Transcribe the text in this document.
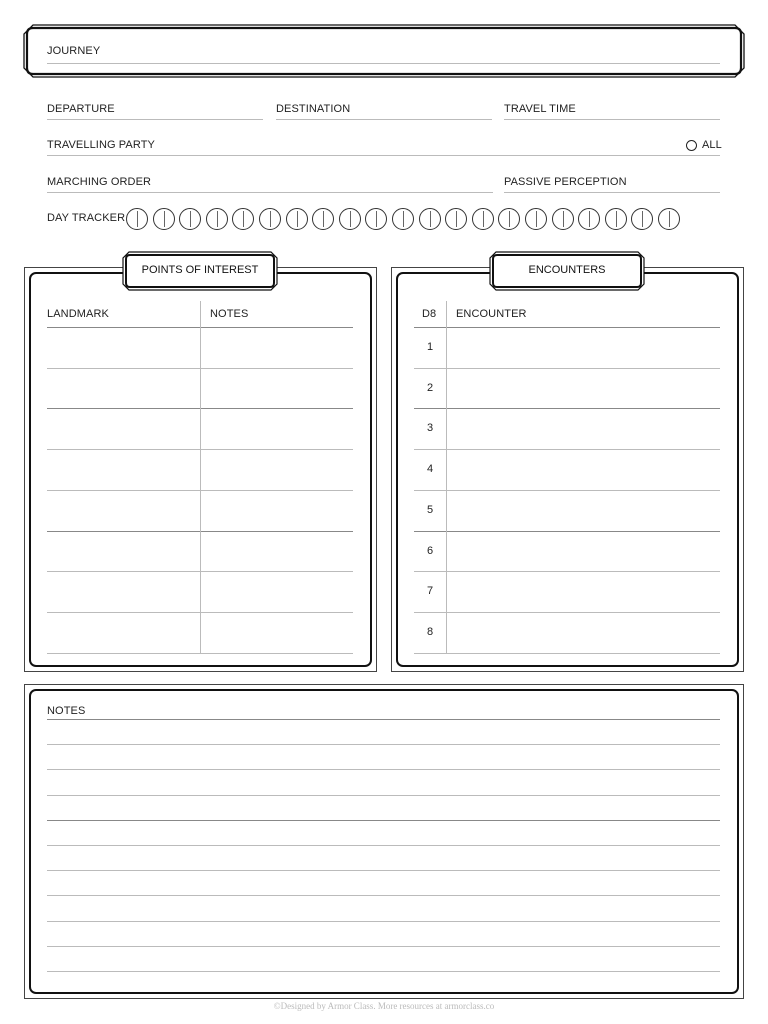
JOURNEY
DEPARTURE	DESTINATION	TRAVEL TIME
TRAVELLING PARTY	ALL
MARCHING ORDER	PASSIVE PERCEPTION
DAY TRACKER
POINTS OF INTEREST
LANDMARK	NOTES
ENCOUNTERS
D8 ENCOUNTER
1
2
3
4
5
6
7
8
NOTES
©Designed by Armor Class. More resources at armorclass.co
